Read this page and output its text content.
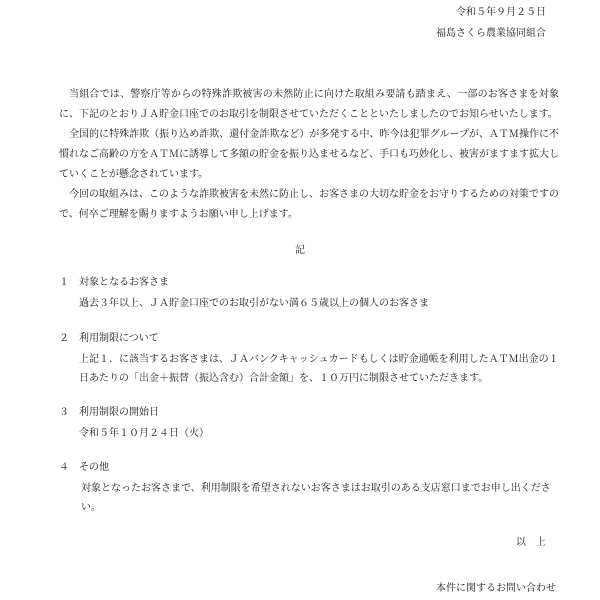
令和５年９月２５日
福島さくら農業協同組合

当組合では、警察庁等からの特殊詐欺被害の未然防止に向けた取組み要請も踏まえ、一部のお客さまを対象に、下記のとおりＪＡ貯金口座でのお取引を制限させていただくことといたしましたのでお知らせいたします。

全国的に特殊詐欺（振り込め詐欺、還付金詐欺など）が多発する中、昨今は犯罪グループが、ＡＴＭ操作に不慣れなご高齢の方をＡＴＭに誘導して多額の貯金を振り込ませるなど、手口も巧妙化し、被害がますます拡大していくことが懸念されています。

今回の取組みは、このような詐欺被害を未然に防止し、お客さまの大切な貯金をお守りするための対策ですので、何卒ご理解を賜りますようお願い申し上げます。

記
１	対象となるお客さま
過去３年以上、ＪＡ貯金口座でのお取引がない満６５歳以上の個人のお客さま
２	利用制限について
上記１．に該当するお客さまは、ＪＡバンクキャッシュカードもしくは貯金通帳を利用したＡＴＭ出金の１日あたりの「出金＋振替（振込含む）合計金額」を、１０万円に制限させていただきます。
３	利用制限の開始日
令和５年１０月２４日（火）
４	その他
対象となったお客さまで、利用制限を希望されないお客さまはお取引のある支店窓口までお申し出ください。
以上
本件に関するお問い合わせ
